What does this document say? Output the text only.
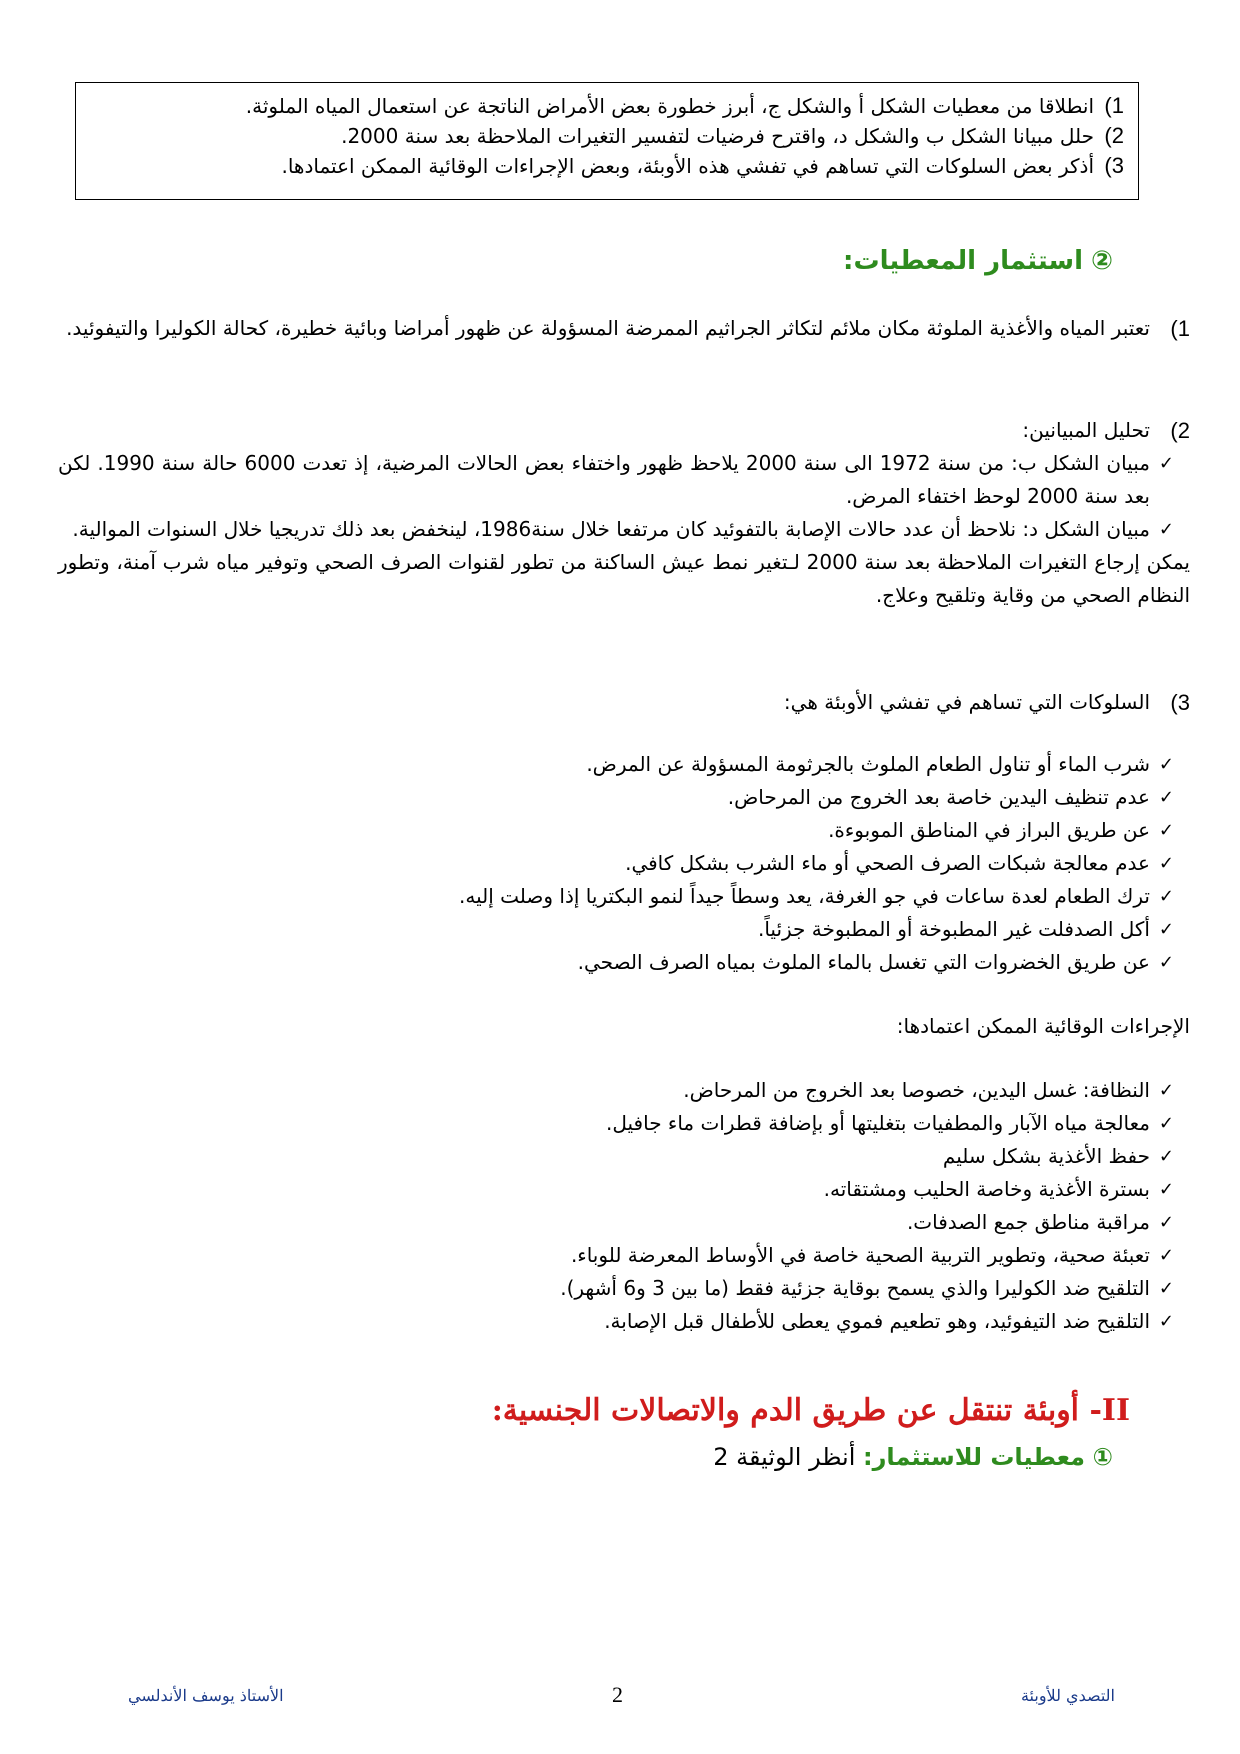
1)انطلاقا من معطيات الشكل أ والشكل ج، أبرز خطورة بعض الأمراض الناتجة عن استعمال المياه الملوثة.
2)حلل مبيانا الشكل ب والشكل د، واقترح فرضيات لتفسير التغيرات الملاحظة بعد سنة 2000.
3)أذكر بعض السلوكات التي تساهم في تفشي هذه الأوبئة، وبعض الإجراءات الوقائية الممكن اعتمادها.
②استثمار المعطيات:
1)
تعتبر المياه والأغذية الملوثة مكان ملائم لتكاثر الجراثيم الممرضة المسؤولة عن ظهور أمراضا وبائية خطيرة، كحالة الكوليرا والتيفوئيد.
2)
تحليل المبيانين:
✓
مبيان الشكل ب: من سنة 1972 الى سنة 2000 يلاحظ ظهور واختفاء بعض الحالات المرضية، إذ تعدت 6000 حالة سنة 1990. لكن بعد سنة 2000 لوحظ اختفاء المرض.
✓
مبيان الشكل د: نلاحظ أن عدد حالات الإصابة بالتفوئيد كان مرتفعا خلال سنة1986، لينخفض بعد ذلك تدريجيا خلال السنوات الموالية.
يمكن إرجاع التغيرات الملاحظة بعد سنة 2000 لـتغير نمط عيش الساكنة من تطور لقنوات الصرف الصحي وتوفير مياه شرب آمنة، وتطور النظام الصحي من وقاية وتلقيح وعلاج.
3)
السلوكات التي تساهم في تفشي الأوبئة هي:
✓
شرب الماء أو تناول الطعام الملوث بالجرثومة المسؤولة عن المرض.
✓
عدم تنظيف اليدين خاصة بعد الخروج من المرحاض.
✓
عن طريق البراز في المناطق الموبوءة.
✓
عدم معالجة شبكات الصرف الصحي أو ماء الشرب بشكل كافي.
✓
ترك الطعام لعدة ساعات في جو الغرفة، يعد وسطاً جيداً لنمو البكتريا إذا وصلت إليه.
✓
أكل الصدفلت غير المطبوخة أو المطبوخة جزئياً.
✓
عن طريق الخضروات التي تغسل بالماء الملوث بمياه الصرف الصحي.
الإجراءات الوقائية الممكن اعتمادها:
✓
النظافة: غسل اليدين، خصوصا بعد الخروج من المرحاض.
✓
معالجة مياه الآبار والمطفيات بتغليتها أو بإضافة قطرات ماء جافيل.
✓
حفظ الأغذية بشكل سليم
✓
بسترة الأغذية وخاصة الحليب ومشتقاته.
✓
مراقبة مناطق جمع الصدفات.
✓
تعبئة صحية، وتطوير التربية الصحية خاصة في الأوساط المعرضة للوباء.
✓
التلقيح ضد الكوليرا والذي يسمح بوقاية جزئية فقط (ما بين 3 و6 أشهر).
✓
التلقيح ضد التيفوئيد، وهو تطعيم فموي يعطى للأطفال قبل الإصابة.
II- أوبئة تنتقل عن طريق الدم والاتصالات الجنسية:
① معطيات للاستثمار: أنظر الوثيقة 2
التصدي للأوبئة
2
الأستاذ يوسف الأندلسي
